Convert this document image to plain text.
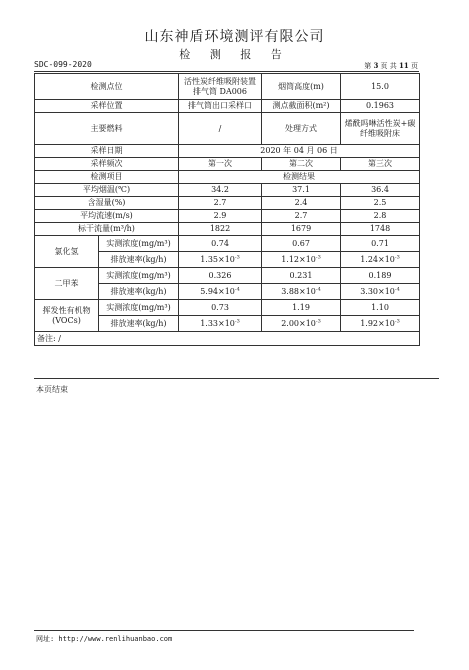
山东神盾环境测评有限公司
检 测 报 告
SDC-099-2020	第 3 页 共 11 页
检测点位		活性炭纤维吸附装置排气筒 DA006	烟筒高度(m)	15.0
采样位置		排气筒出口采样口	测点截面积(m²)	0.1963
主要燃料		/	处理方式	烯酰吗啉活性炭+碳纤维吸附床
采样日期		2020 年 04 月 06 日		
采样频次		第一次	第二次	第三次
检测项目		检测结果		
平均烟温(℃)		34.2	37.1	36.4
含湿量(%)		2.7	2.4	2.5
平均流速(m/s)		2.9	2.7	2.8
标干流量(m³/h)		1822	1679	1748
氯化氢	实测浓度(mg/m³)	0.74	0.67	0.71
	排放速率(kg/h)	$1.35\times 10^{-3}$	$1.12\times 10^{-3}$	$1.24\times 10^{-3}$
二甲苯	实测浓度(mg/m³)	0.326	0.231	0.189
	排放速率(kg/h)	$5.94\times 10^{-4}$	$3.88\times 10^{-4}$	$3.30\times 10^{-4}$
挥发性有机物
(VOCs)	实测浓度(mg/m³)	0.73	1.19	1.10
	排放速率(kg/h)	$1.33\times 10^{-3}$	$2.00\times 10^{-3}$	$1.92\times 10^{-3}$
备注: /				
本页结束
网址: http://www.renlihuanbao.com
